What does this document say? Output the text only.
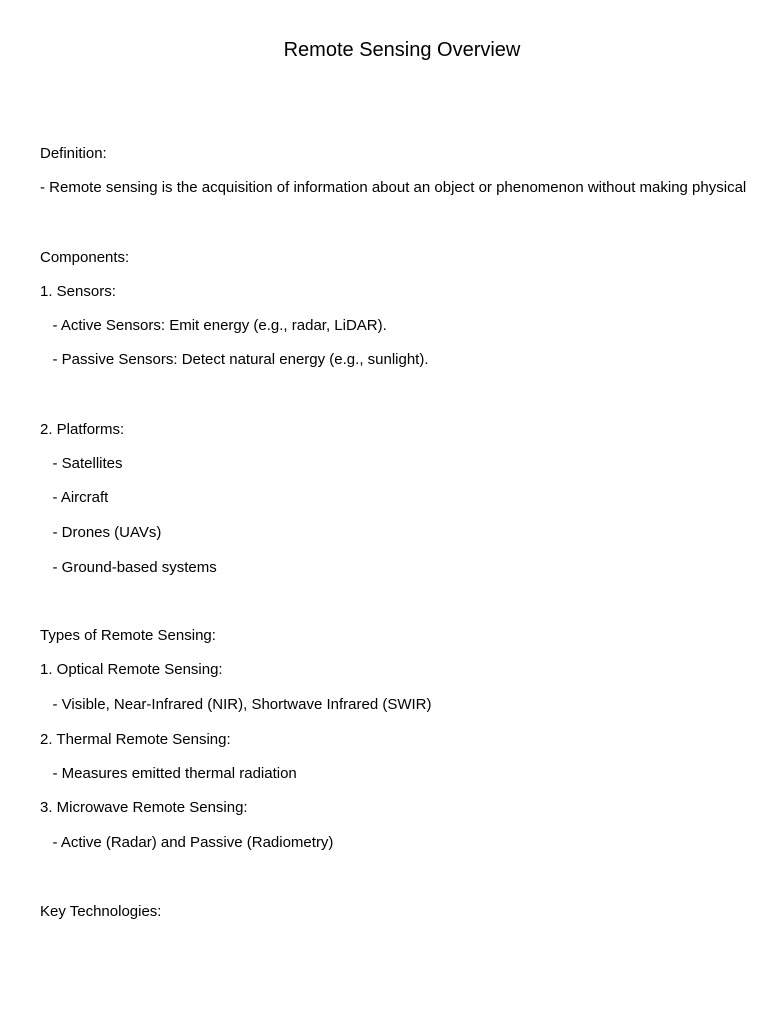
Remote Sensing Overview
Definition:
- Remote sensing is the acquisition of information about an object or phenomenon without making physical
Components:
1. Sensors:
- Active Sensors: Emit energy (e.g., radar, LiDAR).
- Passive Sensors: Detect natural energy (e.g., sunlight).
2. Platforms:
- Satellites
- Aircraft
- Drones (UAVs)
- Ground-based systems
Types of Remote Sensing:
1. Optical Remote Sensing:
- Visible, Near-Infrared (NIR), Shortwave Infrared (SWIR)
2. Thermal Remote Sensing:
- Measures emitted thermal radiation
3. Microwave Remote Sensing:
- Active (Radar) and Passive (Radiometry)
Key Technologies:
